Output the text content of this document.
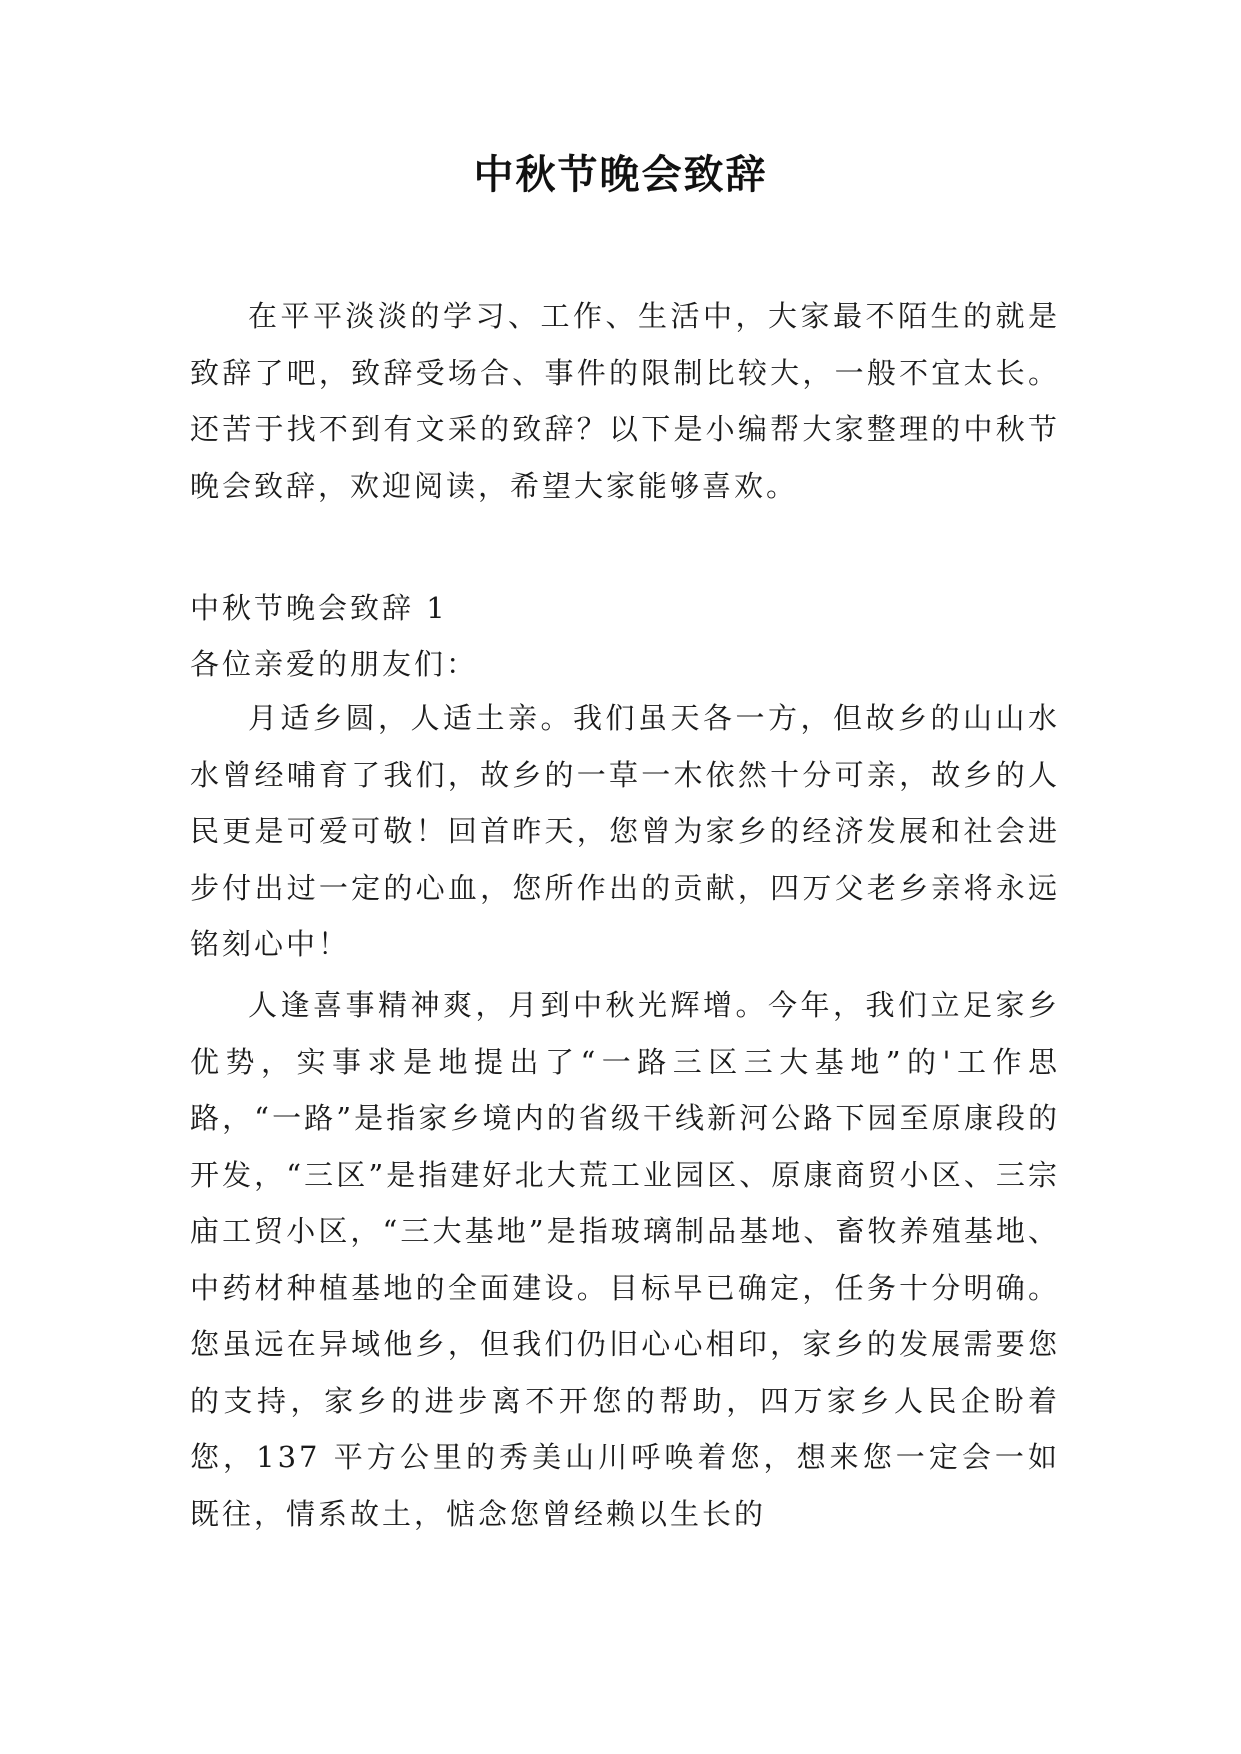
中秋节晚会致辞

在平平淡淡的学习、工作、生活中，大家最不陌生的就是致辞了吧，致辞受场合、事件的限制比较大，一般不宜太长。还苦于找不到有文采的致辞？以下是小编帮大家整理的中秋节晚会致辞，欢迎阅读，希望大家能够喜欢。

中秋节晚会致辞 1

各位亲爱的朋友们：

月适乡圆，人适土亲。我们虽天各一方，但故乡的山山水水曾经哺育了我们，故乡的一草一木依然十分可亲，故乡的人民更是可爱可敬！回首昨天，您曾为家乡的经济发展和社会进步付出过一定的心血，您所作出的贡献，四万父老乡亲将永远铭刻心中！

人逢喜事精神爽，月到中秋光辉增。今年，我们立足家乡优势，实事求是地提出了“一路三区三大基地”的'工作思路，“一路”是指家乡境内的省级干线新河公路下园至原康段的开发，“三区”是指建好北大荒工业园区、原康商贸小区、三宗庙工贸小区，“三大基地”是指玻璃制品基地、畜牧养殖基地、中药材种植基地的全面建设。目标早已确定，任务十分明确。您虽远在异域他乡，但我们仍旧心心相印，家乡的发展需要您的支持，家乡的进步离不开您的帮助，四万家乡人民企盼着您，137 平方公里的秀美山川呼唤着您，想来您一定会一如既往，情系故土，惦念您曾经赖以生长的
